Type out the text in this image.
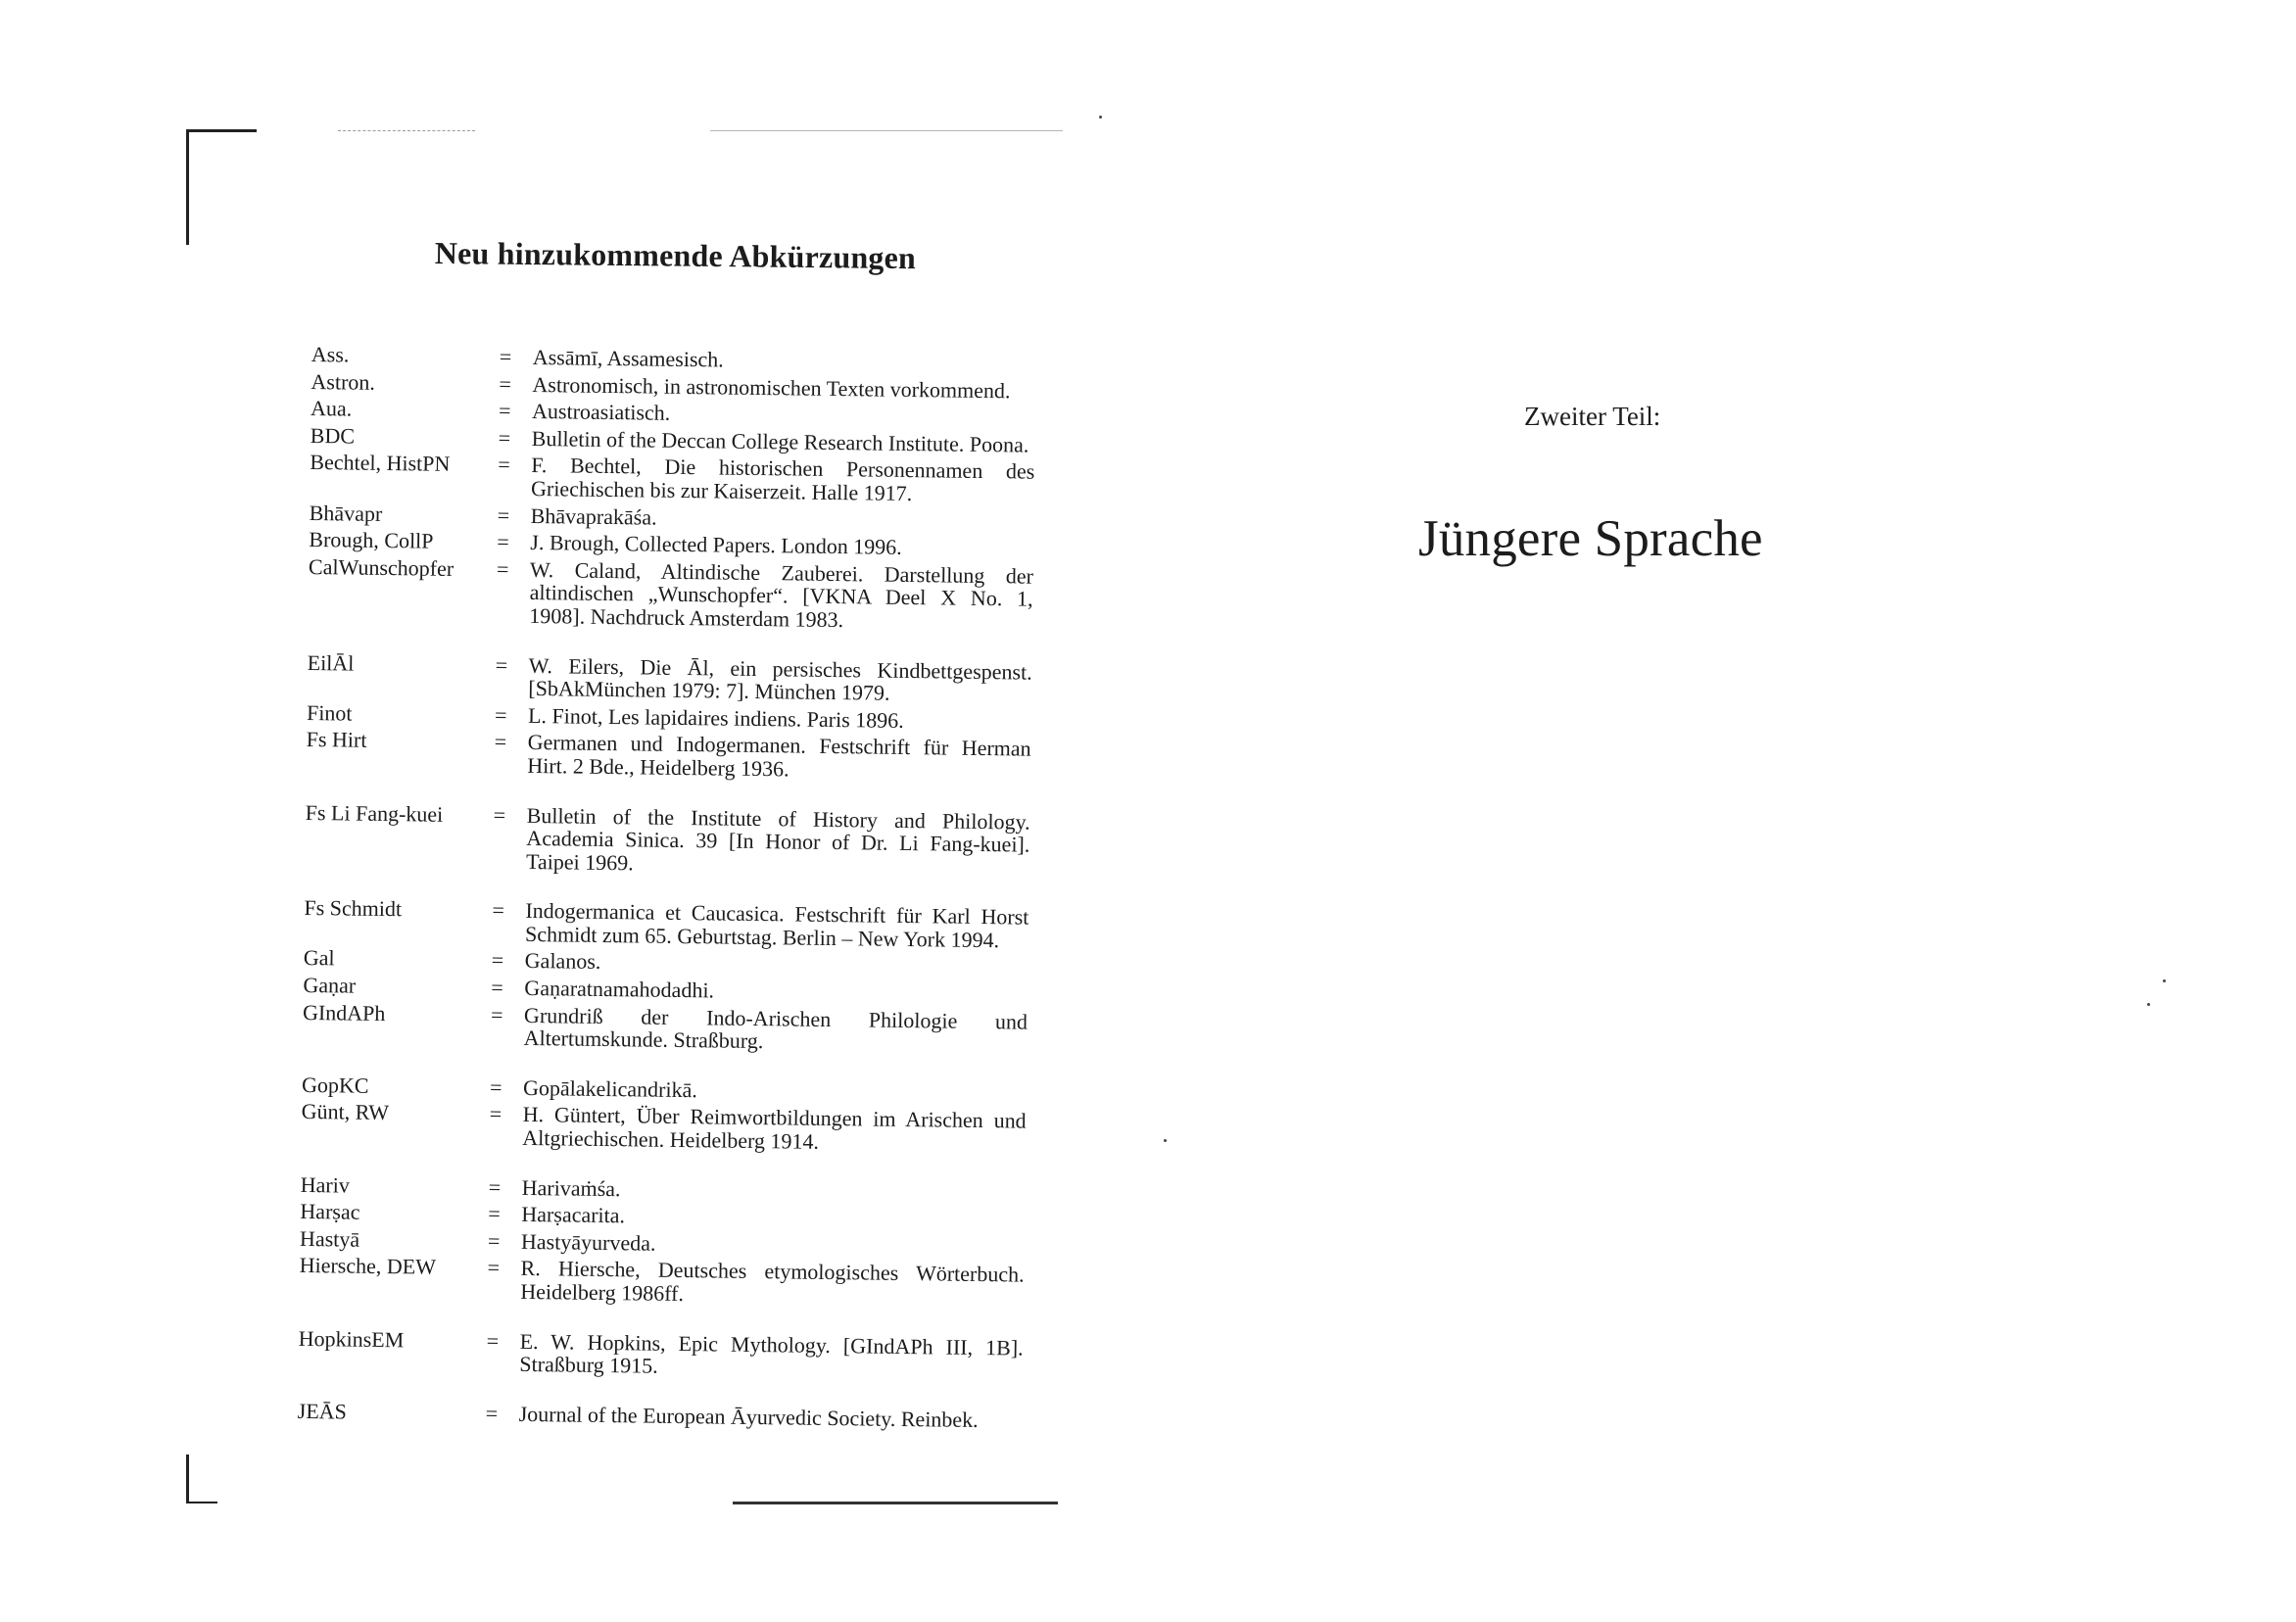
Neu hinzukommende Abkürzungen
Ass.	= Assāmī, Assamesisch.
Astron.	= Astronomisch, in astronomischen Texten vorkommend.
Aua.	= Austroasiatisch.
BDC	= Bulletin of the Deccan College Research Institute. Poona.
Bechtel, HistPN	= F. Bechtel, Die historischen Personennamen des Griechischen bis zur Kaiserzeit. Halle 1917.
Bhāvapr	= Bhāvaprakāśa.
Brough, CollP	= J. Brough, Collected Papers. London 1996.
CalWunschopfer	= W. Caland, Altindische Zauberei. Darstellung der altindischen „Wunschopfer“. [VKNA Deel X No. 1, 1908]. Nachdruck Amsterdam 1983.
EilĀl	= W. Eilers, Die Āl, ein persisches Kindbettgespenst. [SbAkMünchen 1979: 7]. München 1979.
Finot	= L. Finot, Les lapidaires indiens. Paris 1896.
Fs Hirt	= Germanen und Indogermanen. Festschrift für Herman Hirt. 2 Bde., Heidelberg 1936.
Fs Li Fang-kuei	= Bulletin of the Institute of History and Philology. Academia Sinica. 39 [In Honor of Dr. Li Fang-kuei]. Taipei 1969.
Fs Schmidt	= Indogermanica et Caucasica. Festschrift für Karl Horst Schmidt zum 65. Geburtstag. Berlin – New York 1994.
Gal	= Galanos.
Gaṇar	= Gaṇaratnamahodadhi.
GIndAPh	= Grundriß der Indo-Arischen Philologie und Altertumskunde. Straßburg.
GopKC	= Gopālakelicandrikā.
Günt, RW	= H. Güntert, Über Reimwortbildungen im Arischen und Altgriechischen. Heidelberg 1914.
Hariv	= Harivaṁśa.
Harṣac	= Harṣacarita.
Hastyā	= Hastyāyurveda.
Hiersche, DEW	= R. Hiersche, Deutsches etymologisches Wörterbuch. Heidelberg 1986ff.
HopkinsEM	= E. W. Hopkins, Epic Mythology. [GIndAPh III, 1B]. Straßburg 1915.
JEĀS	= Journal of the European Āyurvedic Society. Reinbek.
Zweiter Teil:
Jüngere Sprache
